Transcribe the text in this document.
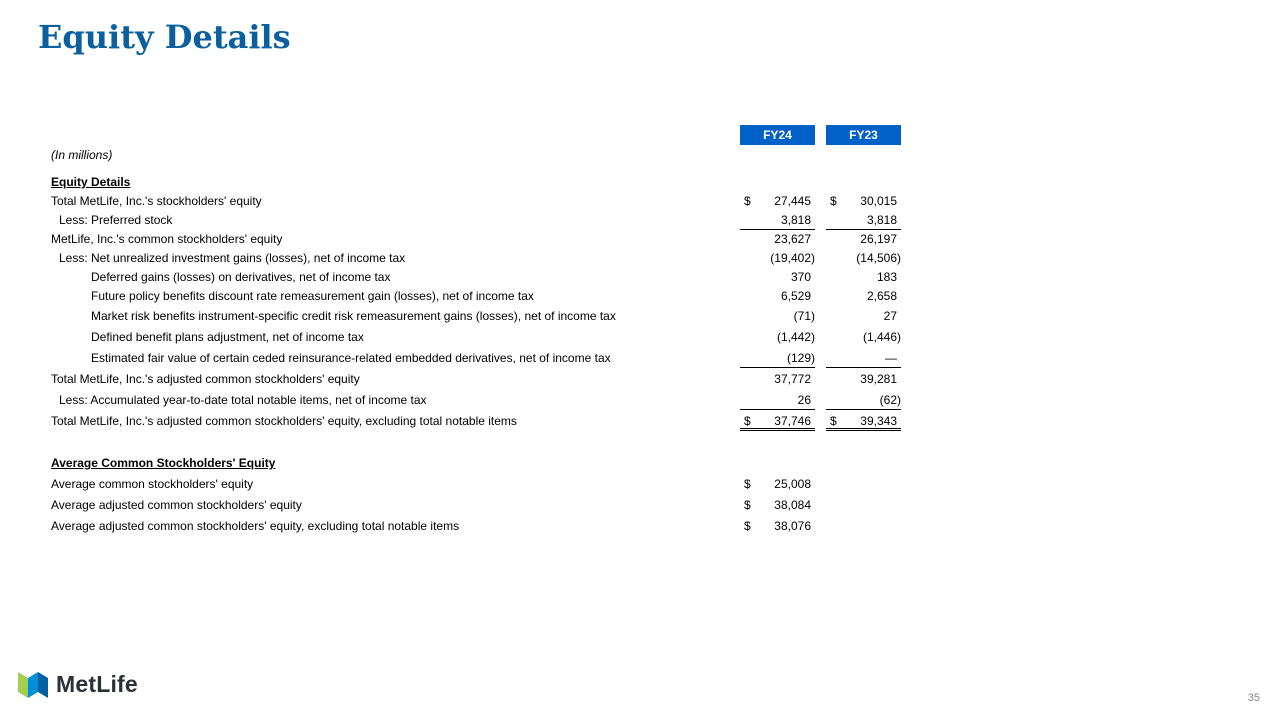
Equity Details
FY24	FY23
(In millions)
Equity Details
Total MetLife, Inc.'s stockholders' equity	$	27,445 $	30,015
Less: Preferred stock	3,818	3,818
MetLife, Inc.'s common stockholders' equity	23,627	26,197
Less: Net unrealized investment gains (losses), net of income tax	(19,402)	(14,506)
Deferred gains (losses) on derivatives, net of income tax	370	183
Future policy benefits discount rate remeasurement gain (losses), net of income tax	6,529	2,658
Market risk benefits instrument-specific credit risk remeasurement gains (losses), net of income tax	(71)	27
Defined benefit plans adjustment, net of income tax	(1,442)	(1,446)
Estimated fair value of certain ceded reinsurance-related embedded derivatives, net of income tax	(129)	—
Total MetLife, Inc.'s adjusted common stockholders' equity	37,772	39,281
Less: Accumulated year-to-date total notable items, net of income tax	26	(62)
Total MetLife, Inc.'s adjusted common stockholders' equity, excluding total notable items	$	37,746 $	39,343
Average Common Stockholders' Equity
Average common stockholders' equity	$	25,008
Average adjusted common stockholders' equity	$	38,084
Average adjusted common stockholders' equity, excluding total notable items	$	38,076
MetLife
35
